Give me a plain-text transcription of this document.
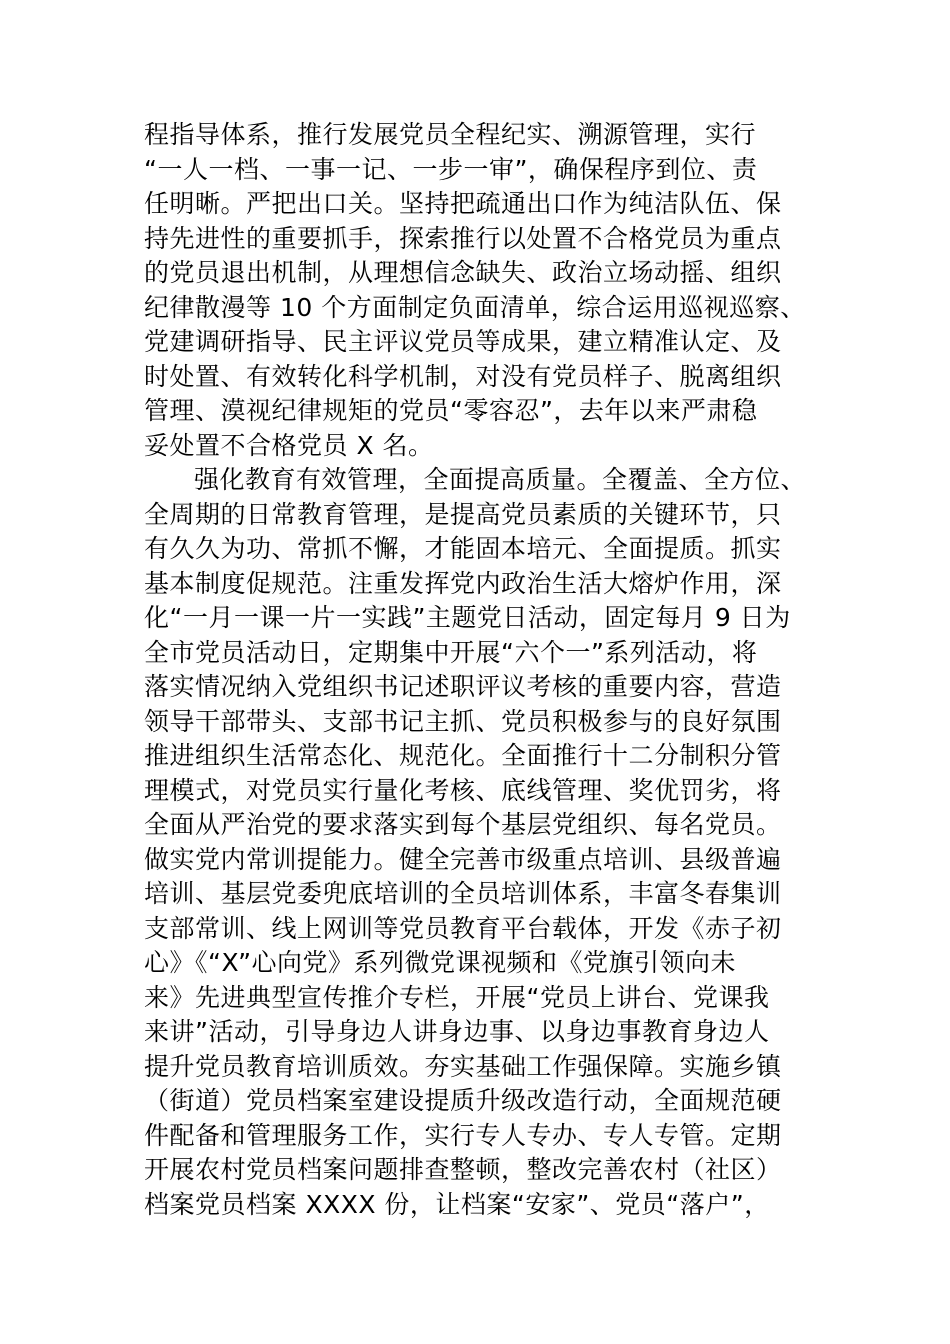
程指导体系，推行发展党员全程纪实、溯源管理，实行
“一人一档、一事一记、一步一审”，确保程序到位、责
任明晰。严把出口关。坚持把疏通出口作为纯洁队伍、保
持先进性的重要抓手，探索推行以处置不合格党员为重点
的党员退出机制，从理想信念缺失、政治立场动摇、组织
纪律散漫等 10 个方面制定负面清单，综合运用巡视巡察、
党建调研指导、民主评议党员等成果，建立精准认定、及
时处置、有效转化科学机制，对没有党员样子、脱离组织
管理、漠视纪律规矩的党员“零容忍”，去年以来严肃稳
妥处置不合格党员 X 名。
强化教育有效管理，全面提高质量。全覆盖、全方位、
全周期的日常教育管理，是提高党员素质的关键环节，只
有久久为功、常抓不懈，才能固本培元、全面提质。抓实
基本制度促规范。注重发挥党内政治生活大熔炉作用，深
化“一月一课一片一实践”主题党日活动，固定每月 9 日为
全市党员活动日，定期集中开展“六个一”系列活动，将
落实情况纳入党组织书记述职评议考核的重要内容，营造
领导干部带头、支部书记主抓、党员积极参与的良好氛围
推进组织生活常态化、规范化。全面推行十二分制积分管
理模式，对党员实行量化考核、底线管理、奖优罚劣，将
全面从严治党的要求落实到每个基层党组织、每名党员。
做实党内常训提能力。健全完善市级重点培训、县级普遍
培训、基层党委兜底培训的全员培训体系，丰富冬春集训
支部常训、线上网训等党员教育平台载体，开发《赤子初
心》《“X”心向党》系列微党课视频和《党旗引领向未
来》先进典型宣传推介专栏，开展“党员上讲台、党课我
来讲”活动，引导身边人讲身边事、以身边事教育身边人
提升党员教育培训质效。夯实基础工作强保障。实施乡镇
（街道）党员档案室建设提质升级改造行动，全面规范硬
件配备和管理服务工作，实行专人专办、专人专管。定期
开展农村党员档案问题排查整顿，整改完善农村（社区）
档案党员档案 XXXX 份，让档案“安家”、党员“落户”，
